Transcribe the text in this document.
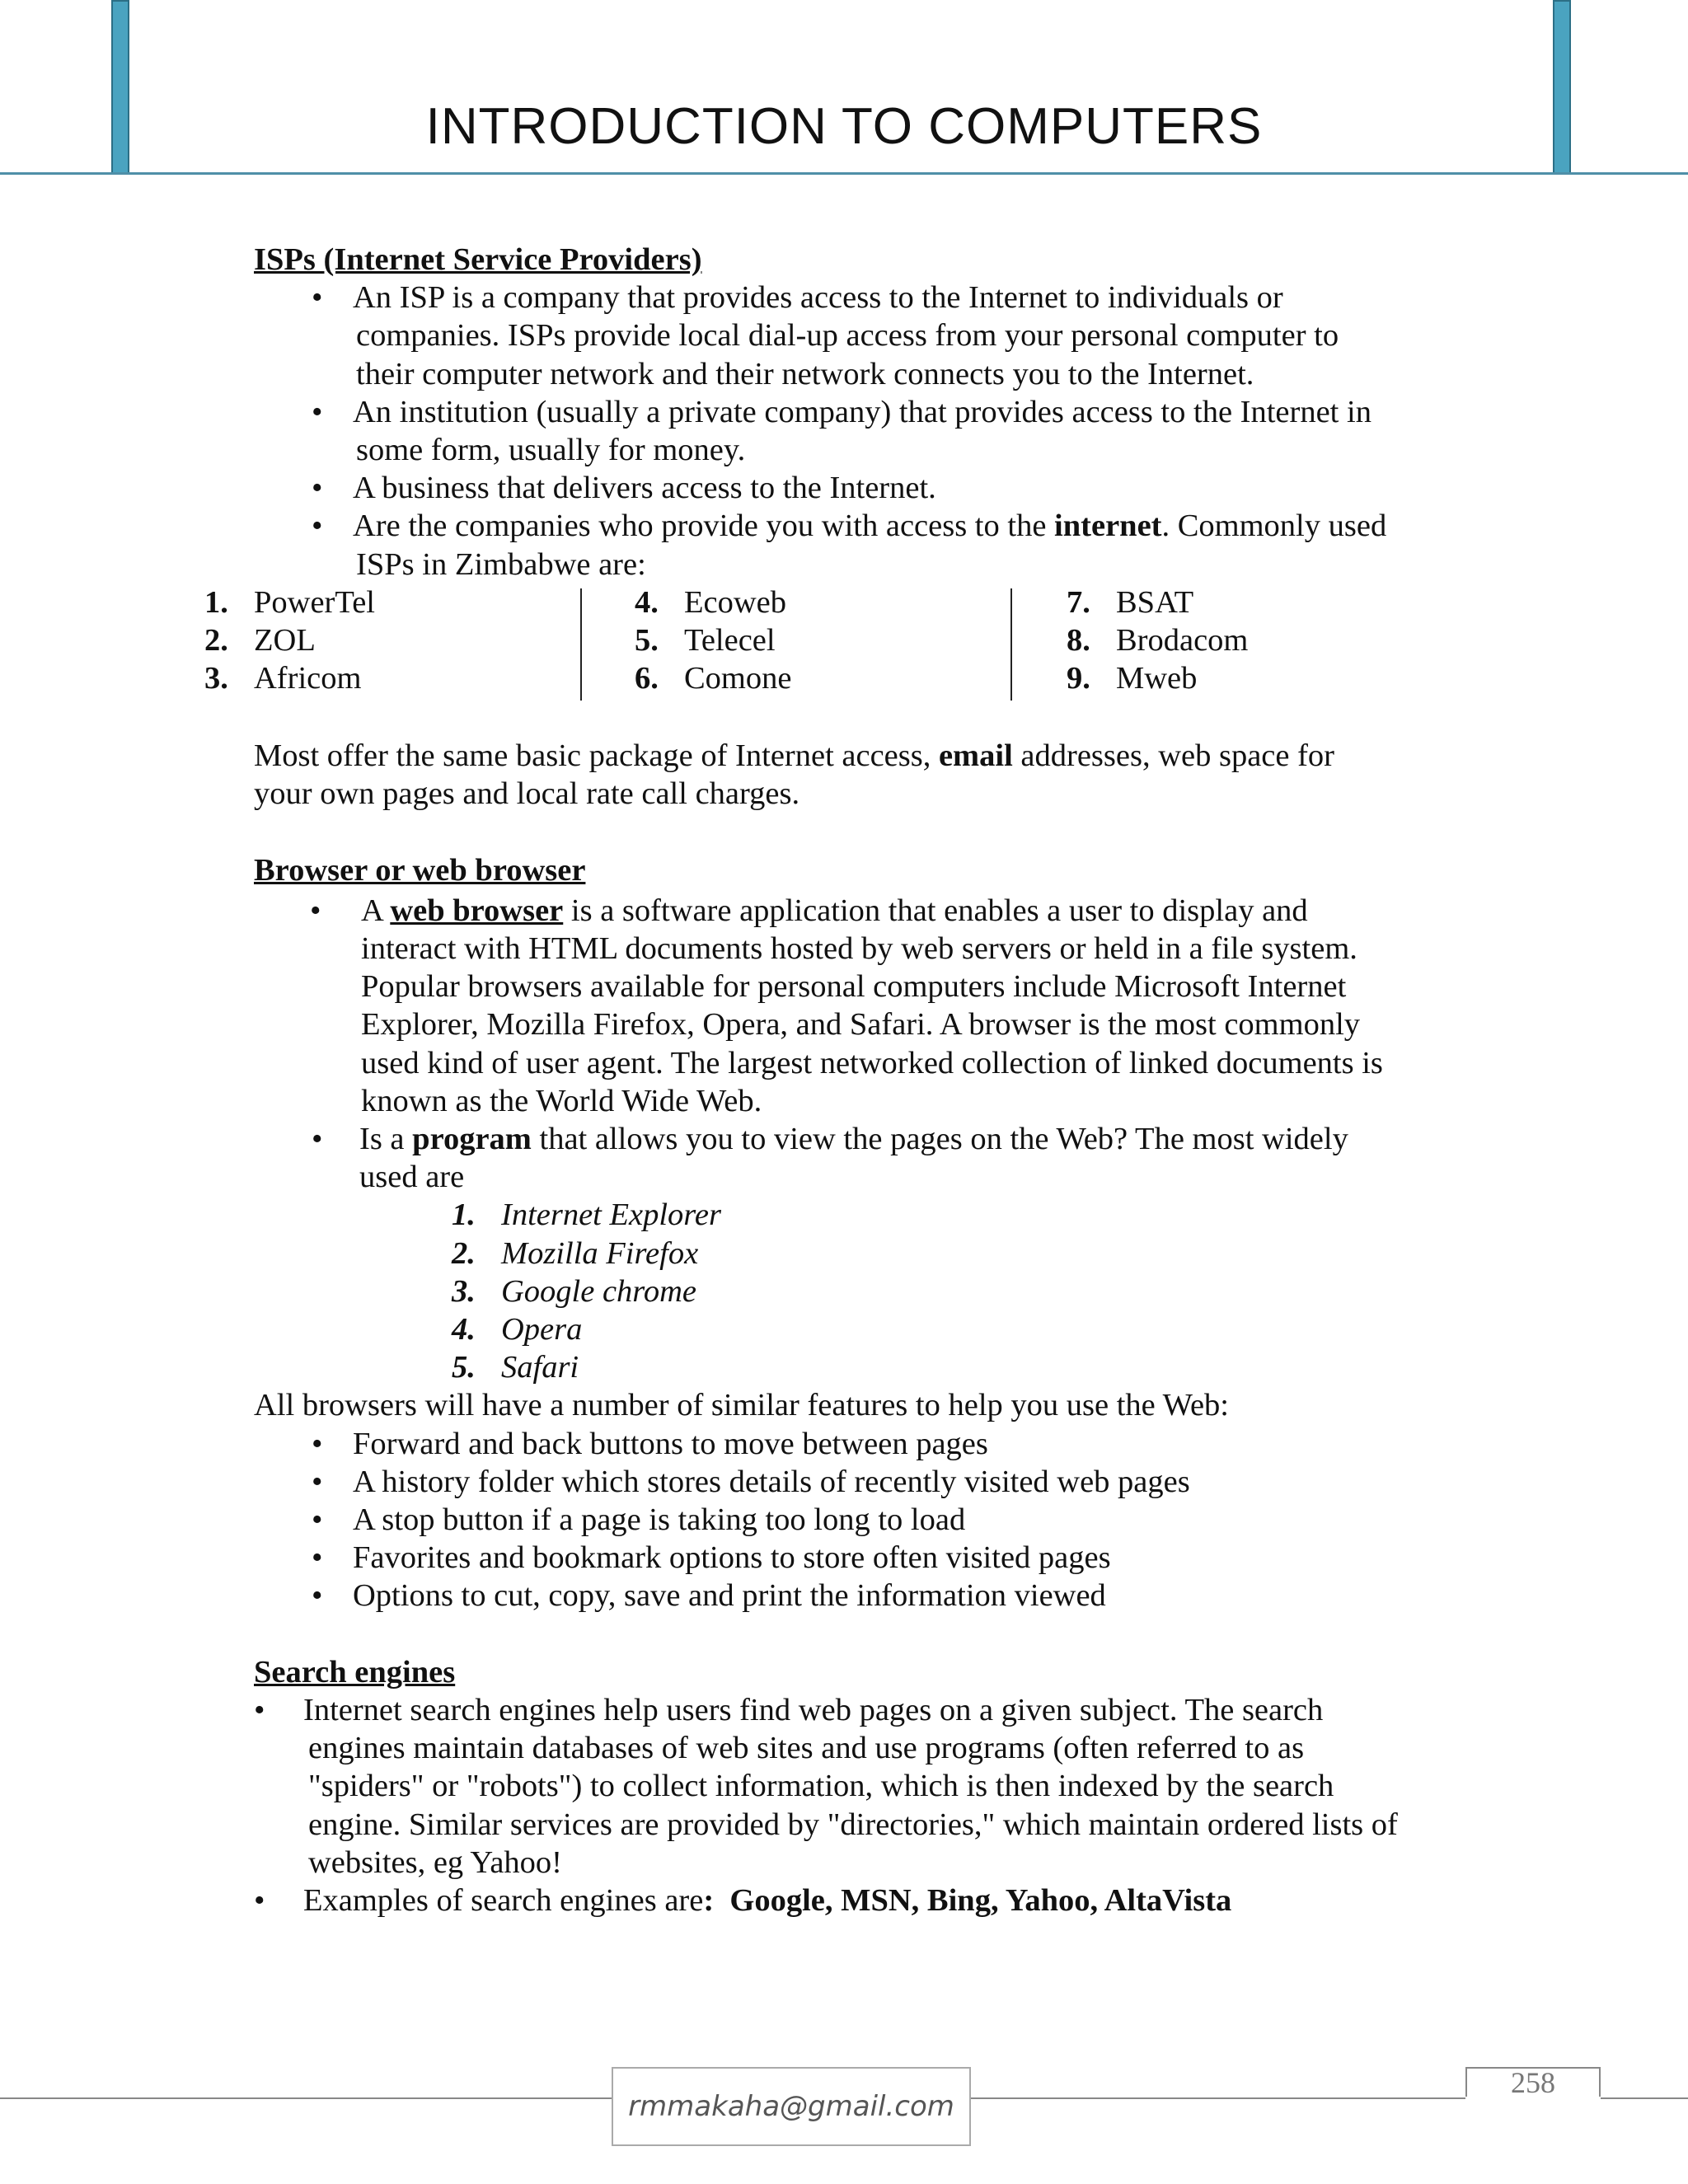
INTRODUCTION TO COMPUTERS
ISPs (Internet Service Providers)
• An ISP is a company that provides access to the Internet to individuals or
companies. ISPs provide local dial-up access from your personal computer to
their computer network and their network connects you to the Internet.
• An institution (usually a private company) that provides access to the Internet in
some form, usually for money.
• A business that delivers access to the Internet.
• Are the companies who provide you with access to the internet. Commonly used
ISPs in Zimbabwe are:
1. PowerTel
2. ZOL
3. Africom
4. Ecoweb
5. Telecel
6. Comone
7. BSAT
8. Brodacom
9. Mweb
Most offer the same basic package of Internet access, email addresses, web space for
your own pages and local rate call charges.
Browser or web browser
• A web browser is a software application that enables a user to display and
interact with HTML documents hosted by web servers or held in a file system.
Popular browsers available for personal computers include Microsoft Internet
Explorer, Mozilla Firefox, Opera, and Safari. A browser is the most commonly
used kind of user agent. The largest networked collection of linked documents is
known as the World Wide Web.
• Is a program that allows you to view the pages on the Web? The most widely
used are
1. Internet Explorer
2. Mozilla Firefox
3. Google chrome
4. Opera
5. Safari
All browsers will have a number of similar features to help you use the Web:
• Forward and back buttons to move between pages
• A history folder which stores details of recently visited web pages
• A stop button if a page is taking too long to load
• Favorites and bookmark options to store often visited pages
• Options to cut, copy, save and print the information viewed
Search engines
• Internet search engines help users find web pages on a given subject. The search
engines maintain databases of web sites and use programs (often referred to as
"spiders" or "robots") to collect information, which is then indexed by the search
engine. Similar services are provided by "directories," which maintain ordered lists of
websites, eg Yahoo!
• Examples of search engines are: Google, MSN, Bing, Yahoo, AltaVista
rmmakaha@gmail.com
258
